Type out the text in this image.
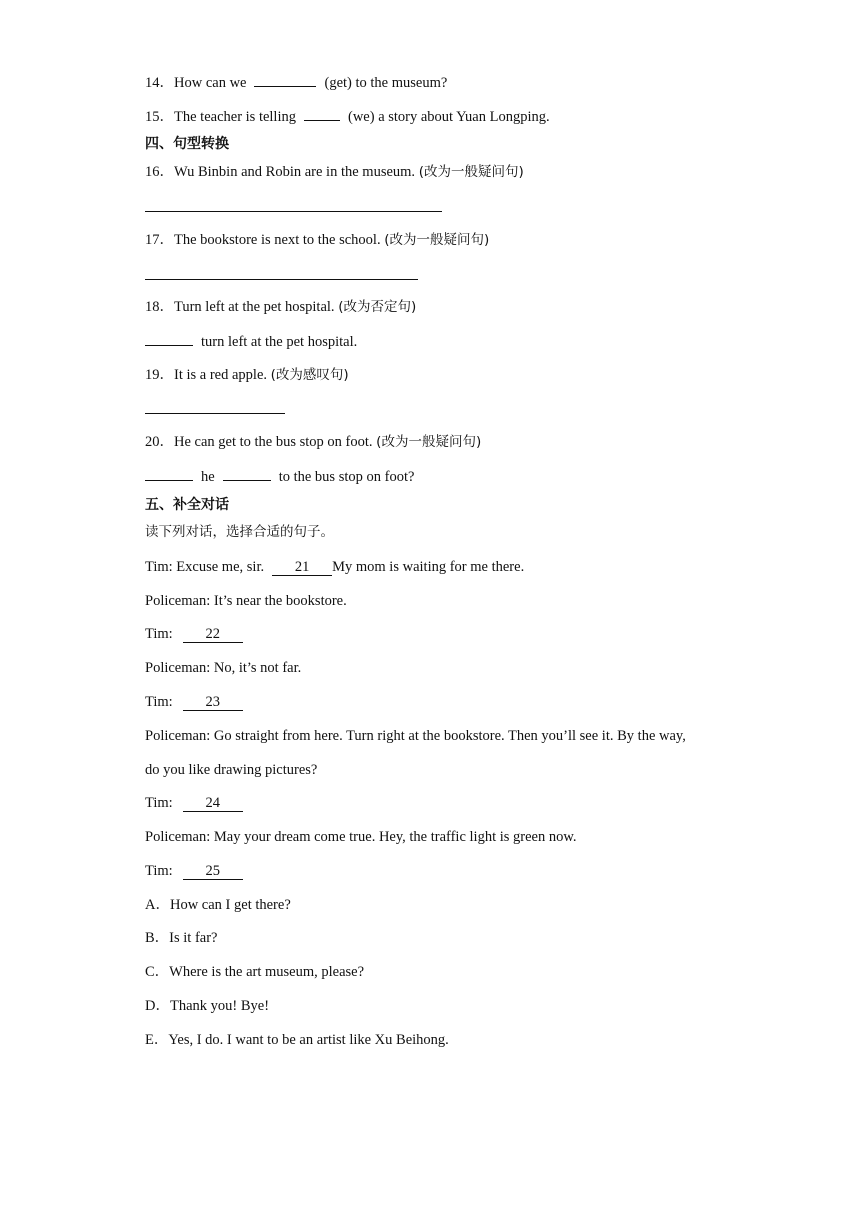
14．How can we	(get) to the museum?
15．The teacher is telling	(we) a story about Yuan Longping.
四、句型转换
16．Wu Binbin and Robin are in the museum. (改为一般疑问句)
17．The bookstore is next to the school. (改为一般疑问句)
18．Turn left at the pet hospital. (改为否定句)
turn left at the pet hospital.
19．It is a red apple. (改为感叹句)
20．He can get to the bus stop on foot. (改为一般疑问句)
he	to the bus stop on foot?
五、补全对话
读下列对话，选择合适的句子。
Tim: Excuse me, sir. 21 My mom is waiting for me there.
Policeman: It’s near the bookstore.
Tim: 22
Policeman: No, it’s not far.
Tim: 23
Policeman: Go straight from here. Turn right at the bookstore. Then you’ll see it. By the way,
do you like drawing pictures?
Tim: 24
Policeman: May your dream come true. Hey, the traffic light is green now.
Tim: 25
A．How can I get there?
B．Is it far?
C．Where is the art museum, please?
D．Thank you! Bye!
E．Yes, I do. I want to be an artist like Xu Beihong.
